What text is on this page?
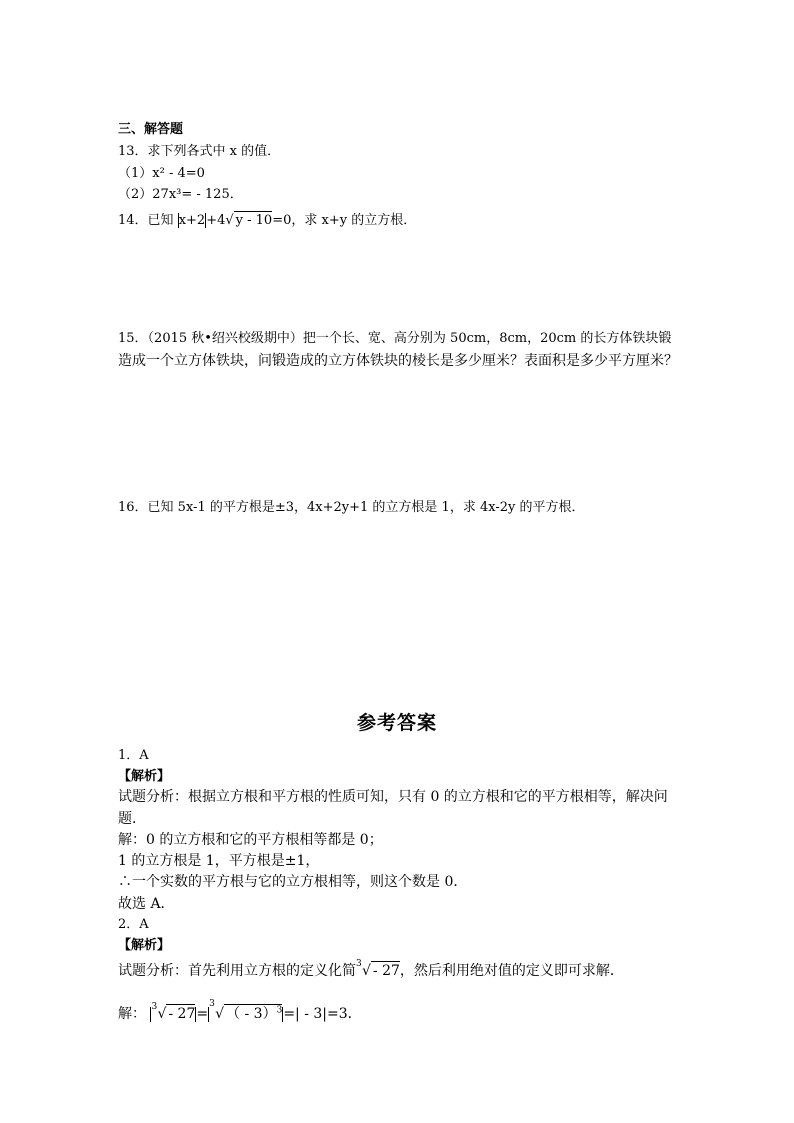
三、解答题
13．求下列各式中 x 的值．
（1）x² - 4=0
（2）27x³= - 125．
14．已知 x+2+4√ y - 10=0，求 x+y 的立方根．
15．（2015 秋•绍兴校级期中）把一个长、宽、高分别为 50cm，8cm，20cm 的长方体铁块锻
造成一个立方体铁块，问锻造成的立方体铁块的棱长是多少厘米？表面积是多少平方厘米？
16．已知 5x-1 的平方根是±3，4x+2y+1 的立方根是 1，求 4x-2y 的平方根．
参考答案
1．A
【解析】
试题分析：根据立方根和平方根的性质可知，只有 0 的立方根和它的平方根相等，解决问
题．
解：0 的立方根和它的平方根相等都是 0；
1 的立方根是 1，平方根是±1，
∴一个实数的平方根与它的立方根相等，则这个数是 0．
故选 A．
2．A
【解析】
试题分析：首先利用立方根的定义化简 3 √ - 27，然后利用绝对值的定义即可求解．
解： 3 √ - 27=
3
√ （ - 3）$^3$=| - 3|=3．
